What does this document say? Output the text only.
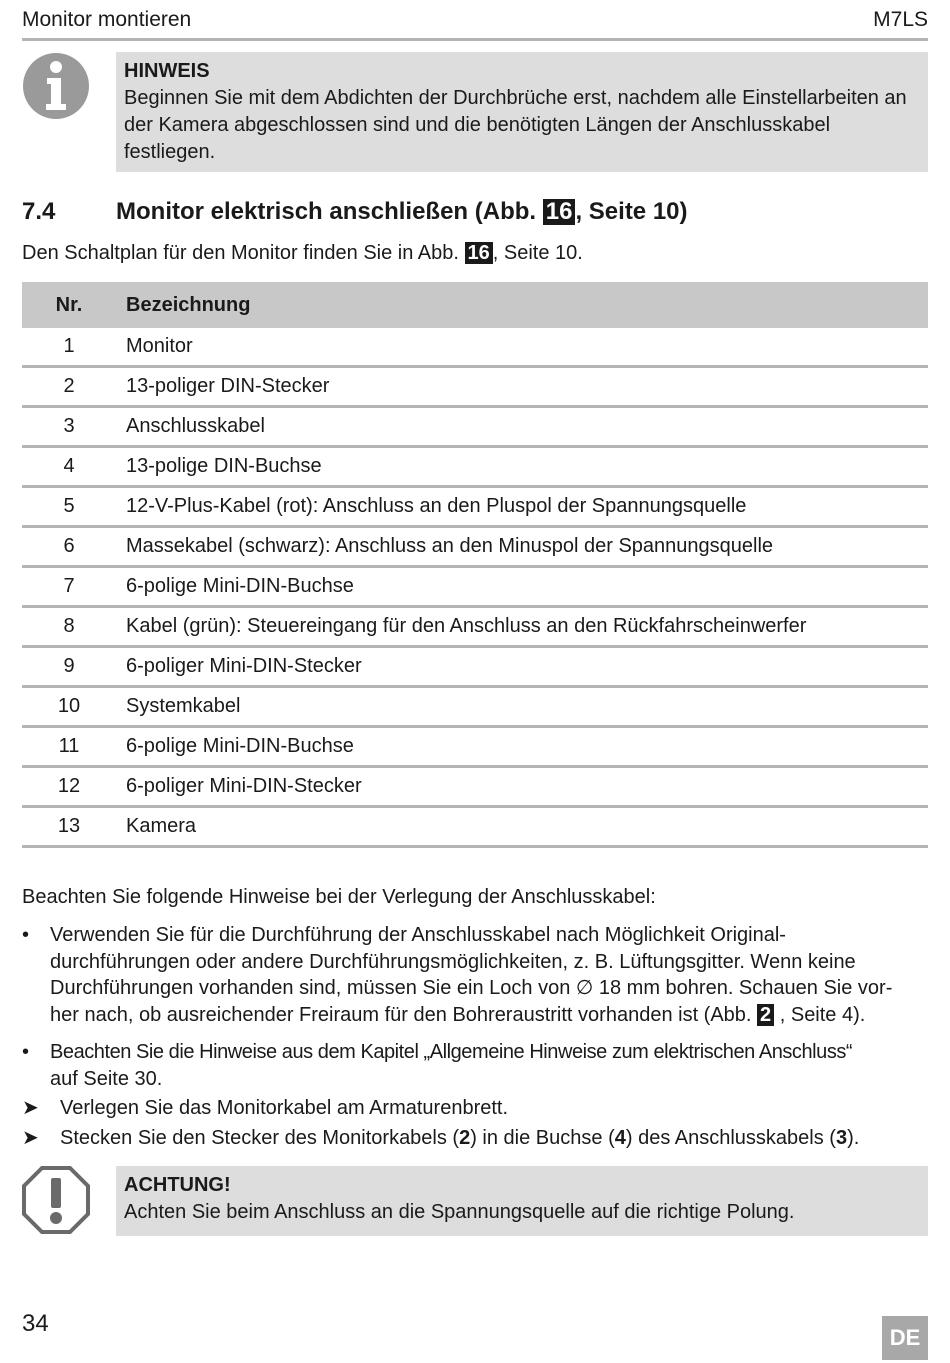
Monitor montieren	M7LS
HINWEIS
Beginnen Sie mit dem Abdichten der Durchbrüche erst, nachdem alle Einstellarbeiten an der Kamera abgeschlossen sind und die benötigten Längen der Anschlusskabel festliegen.
7.4	Monitor elektrisch anschließen (Abb. 16 , Seite 10)
Den Schaltplan für den Monitor finden Sie in Abb. 16 , Seite 10.
Nr.	Bezeichnung
1	Monitor
2	13-poliger DIN-Stecker
3	Anschlusskabel
4	13-polige DIN-Buchse
5	12-V-Plus-Kabel (rot): Anschluss an den Pluspol der Spannungsquelle
6	Massekabel (schwarz): Anschluss an den Minuspol der Spannungsquelle
7	6-polige Mini-DIN-Buchse
8	Kabel (grün): Steuereingang für den Anschluss an den Rückfahrscheinwerfer
9	6-poliger Mini-DIN-Stecker
10	Systemkabel
11	6-polige Mini-DIN-Buchse
12	6-poliger Mini-DIN-Stecker
13	Kamera
Beachten Sie folgende Hinweise bei der Verlegung der Anschlusskabel:
• Verwenden Sie für die Durchführung der Anschlusskabel nach Möglichkeit Original-
durchführungen oder andere Durchführungsmöglichkeiten, z. B. Lüftungsgitter. Wenn keine
Durchführungen vorhanden sind, müssen Sie ein Loch von ∅ 18 mm bohren. Schauen Sie vor-
her nach, ob ausreichender Freiraum für den Bohreraustritt vorhanden ist (Abb. 2 , Seite 4).
• Beachten Sie die Hinweise aus dem Kapitel „Allgemeine Hinweise zum elektrischen Anschluss“
auf Seite 30.
➤ Verlegen Sie das Monitorkabel am Armaturenbrett.
➤ Stecken Sie den Stecker des Monitorkabels (2) in die Buchse (4) des Anschlusskabels (3).
ACHTUNG!
Achten Sie beim Anschluss an die Spannungsquelle auf die richtige Polung.
34
DE
